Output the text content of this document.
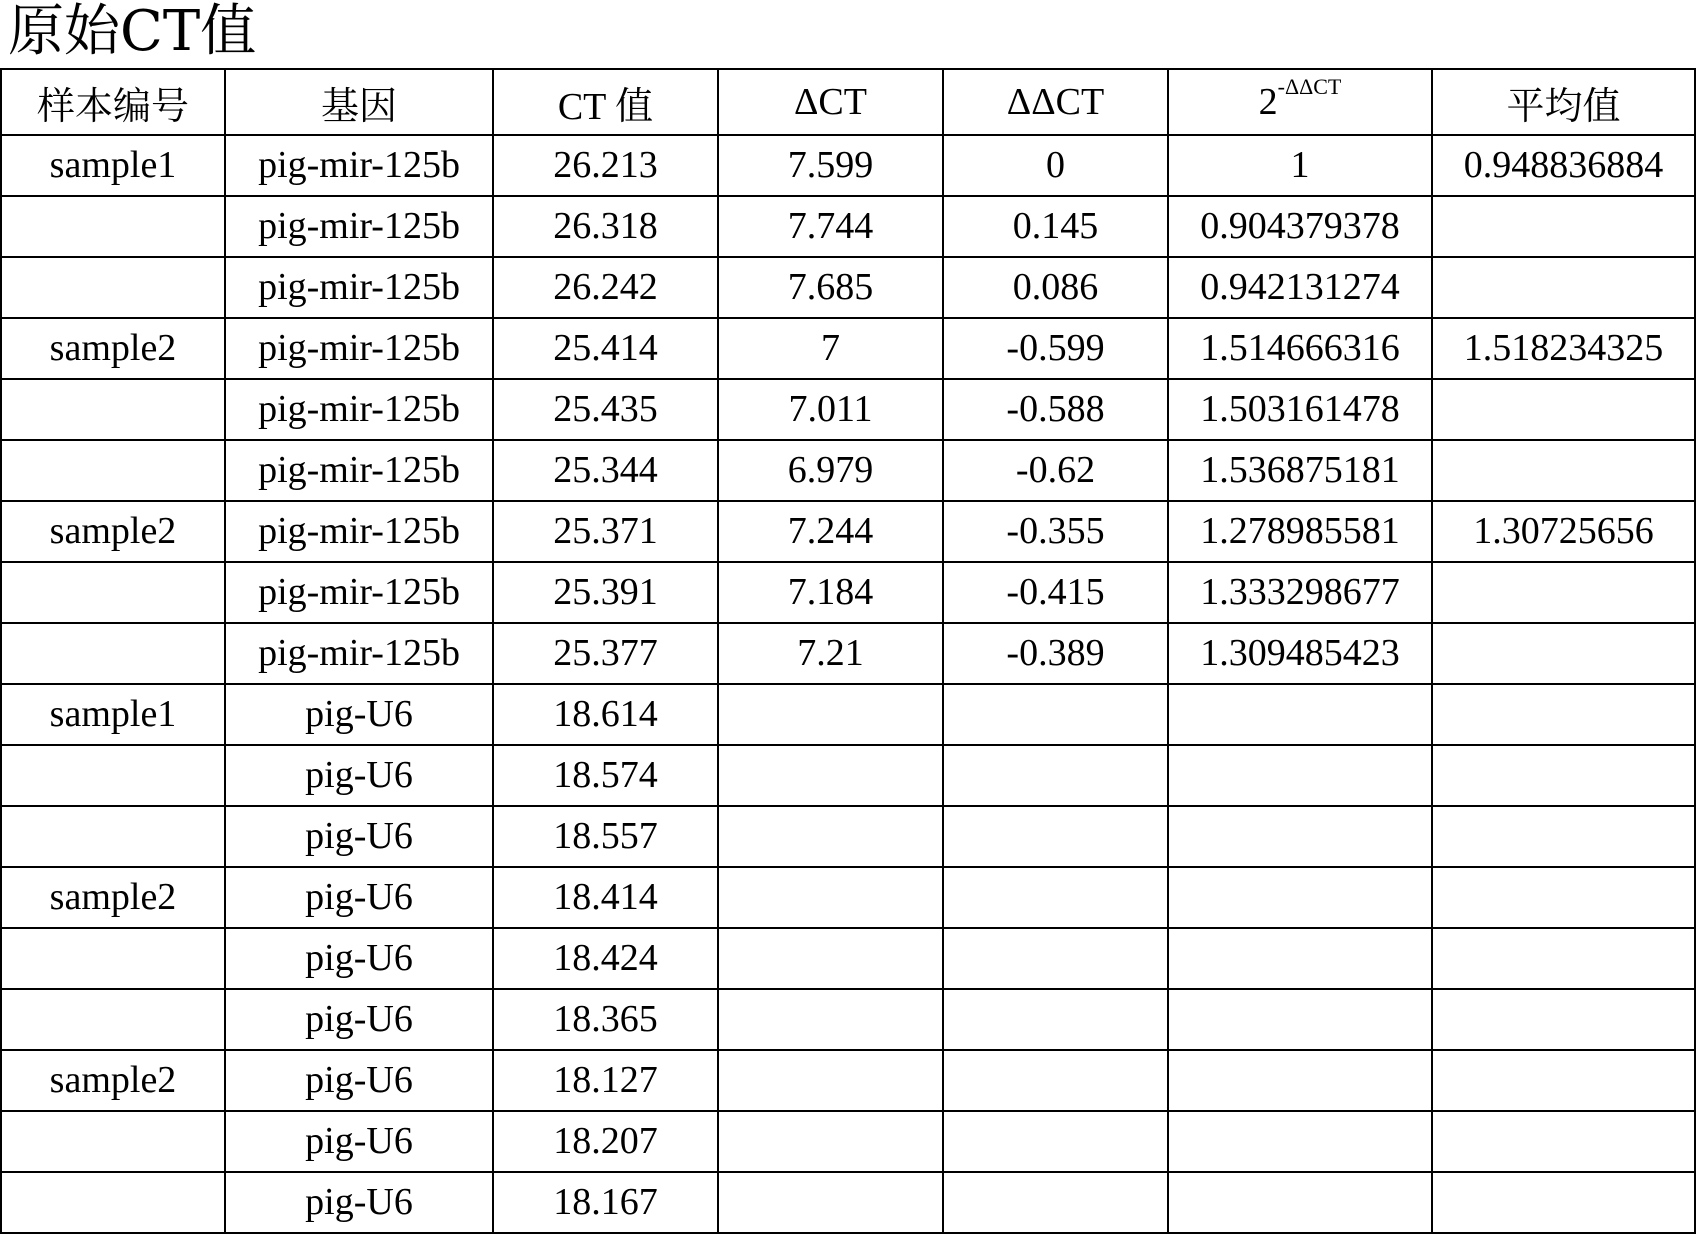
原始CT值
样本编号	基因	CT 值	ΔCT	ΔΔCT	$2^{-\Delta\Delta CT}$	平均值
sample1	pig-mir-125b	26.213	7.599	0	1	0.948836884
	pig-mir-125b	26.318	7.744	0.145	0.904379378	
	pig-mir-125b	26.242	7.685	0.086	0.942131274	
sample2	pig-mir-125b	25.414	7	-0.599	1.514666316	1.518234325
	pig-mir-125b	25.435	7.011	-0.588	1.503161478	
	pig-mir-125b	25.344	6.979	-0.62	1.536875181	
sample2	pig-mir-125b	25.371	7.244	-0.355	1.278985581	1.30725656
	pig-mir-125b	25.391	7.184	-0.415	1.333298677	
	pig-mir-125b	25.377	7.21	-0.389	1.309485423	
sample1	pig-U6	18.614				
	pig-U6	18.574				
	pig-U6	18.557				
sample2	pig-U6	18.414				
	pig-U6	18.424				
	pig-U6	18.365				
sample2	pig-U6	18.127				
	pig-U6	18.207				
	pig-U6	18.167				
